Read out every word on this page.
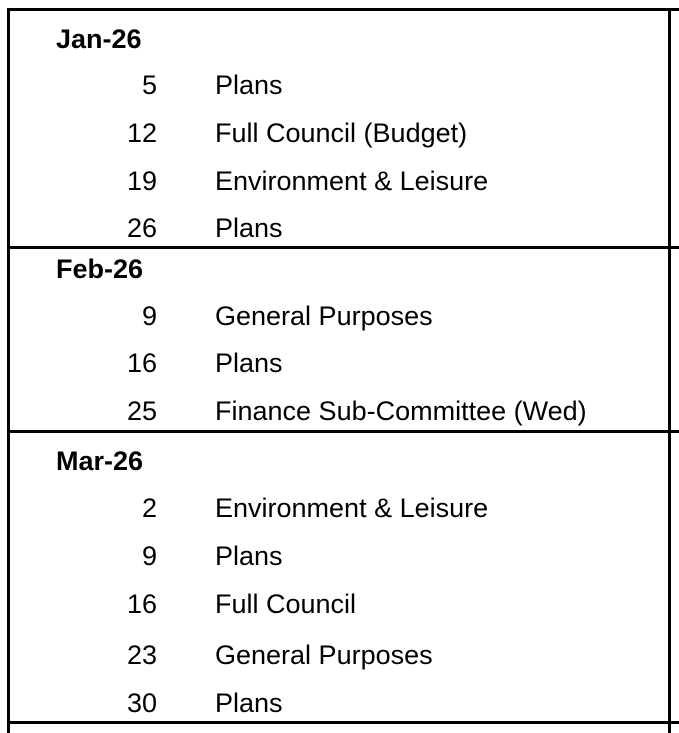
Jan-26
5 Plans
12 Full Council (Budget)
19 Environment & Leisure
26 Plans
Feb-26
9 General Purposes
16 Plans
25 Finance Sub-Committee (Wed)
Mar-26
2 Environment & Leisure
9 Plans
16 Full Council
23 General Purposes
30 Plans
